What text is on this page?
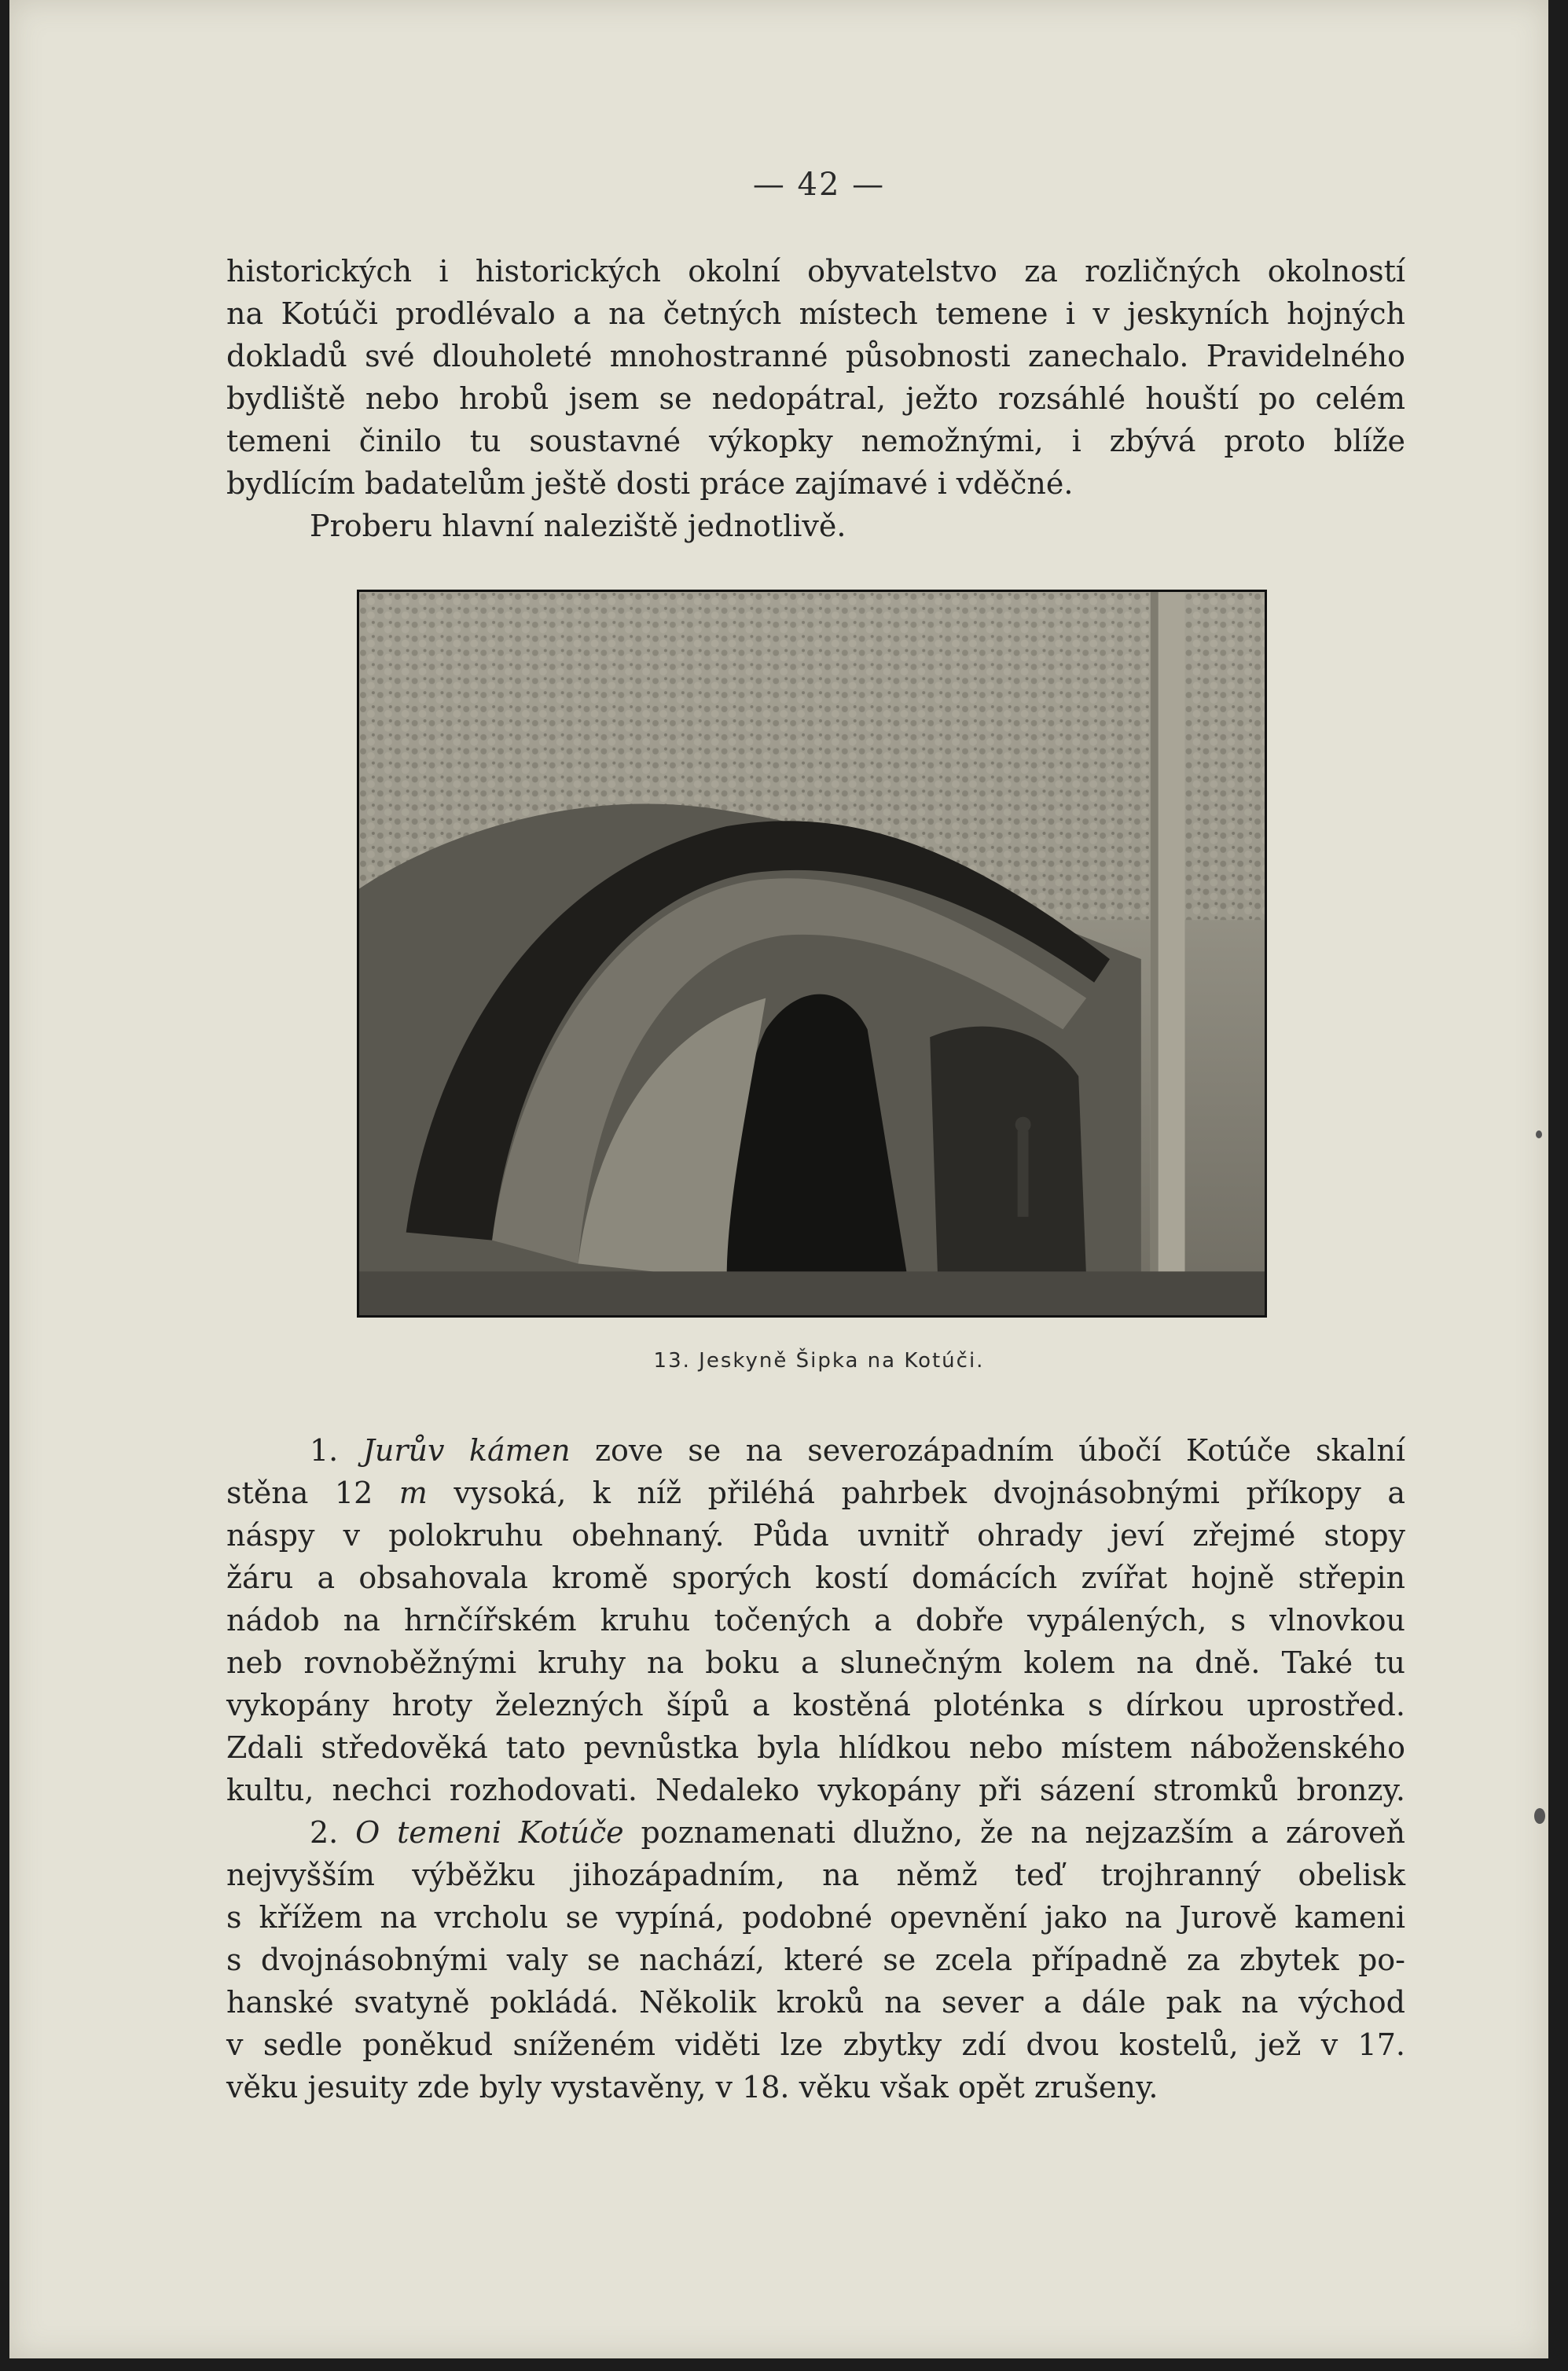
— 42 —
historických i historických okolní obyvatelstvo za rozličných okolností
na Kotúči prodlévalo a na četných místech temene i v jeskyních hojných
dokladů své dlouholeté mnohostranné působnosti zanechalo. Pravidelného
bydliště nebo hrobů jsem se nedopátral, ježto rozsáhlé houští po celém
temeni činilo tu soustavné výkopky nemožnými, i zbývá proto blíže
bydlícím badatelům ještě dosti práce zajímavé i vděčné.
Proberu hlavní naleziště jednotlivě.
13. Jeskyně Šipka na Kotúči.
1. Jurův kámen zove se na severozápadním úbočí Kotúče skalní
stěna 12 m vysoká, k níž přiléhá pahrbek dvojnásobnými příkopy a
náspy v polokruhu obehnaný. Půda uvnitř ohrady jeví zřejmé stopy
žáru a obsahovala kromě sporých kostí domácích zvířat hojně střepin
nádob na hrnčířském kruhu točených a dobře vypálených, s vlnovkou
neb rovnoběžnými kruhy na boku a slunečným kolem na dně. Také tu
vykopány hroty železných šípů a kostěná ploténka s dírkou uprostřed.
Zdali středověká tato pevnůstka byla hlídkou nebo místem náboženského
kultu, nechci rozhodovati. Nedaleko vykopány při sázení stromků bronzy.
2. O temeni Kotúče poznamenati dlužno, že na nejzazším a zároveň
nejvyšším výběžku jihozápadním, na němž teď trojhranný obelisk
s křížem na vrcholu se vypíná, podobné opevnění jako na Jurově kameni
s dvojnásobnými valy se nachází, které se zcela případně za zbytek po-
hanské svatyně pokládá. Několik kroků na sever a dále pak na východ
v sedle poněkud sníženém viděti lze zbytky zdí dvou kostelů, jež v 17.
věku jesuity zde byly vystavěny, v 18. věku však opět zrušeny.
